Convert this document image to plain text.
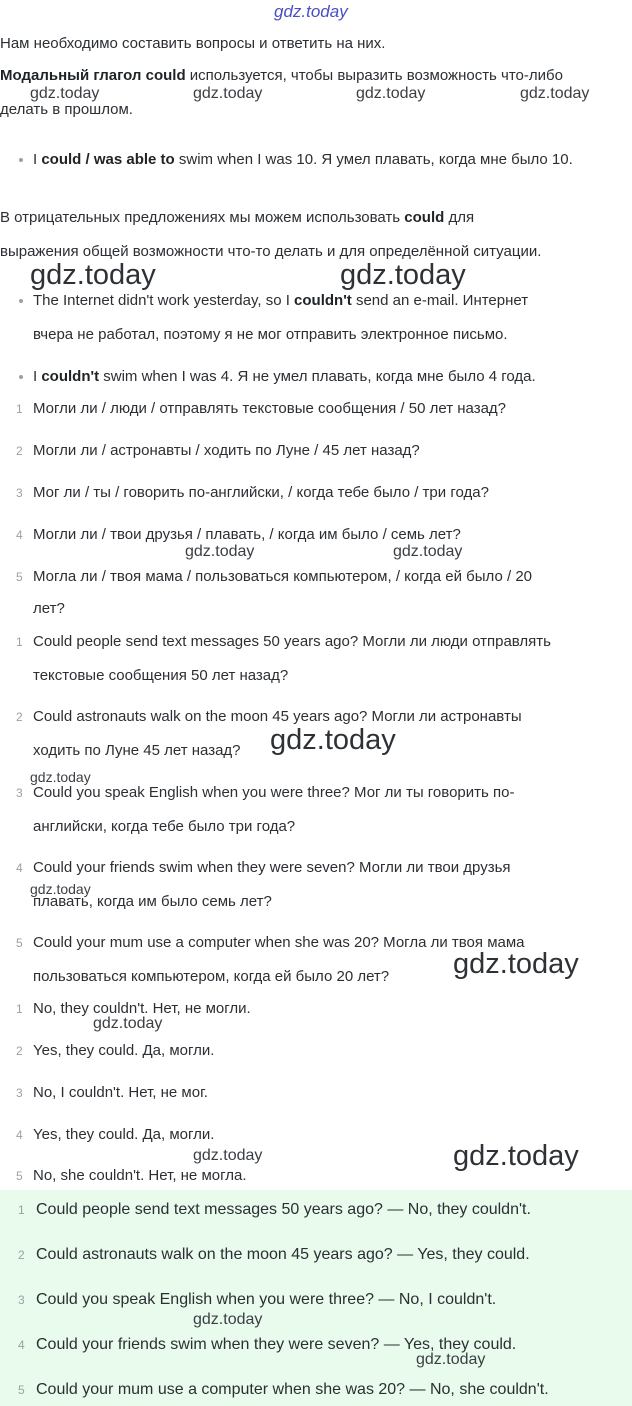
gdz.today
Нам необходимо составить вопросы и ответить на них.
Модальный глагол could используется, чтобы выразить возможность что-либо
делать в прошлом.
I could / was able to swim when I was 10. Я умел плавать, когда мне было 10.
В отрицательных предложениях мы можем использовать could для
выражения общей возможности что-то делать и для определённой ситуации.
The Internet didn't work yesterday, so I couldn't send an e-mail. Интернет
вчера не работал, поэтому я не мог отправить электронное письмо.
I couldn't swim when I was 4. Я не умел плавать, когда мне было 4 года.
1 Могли ли / люди / отправлять текстовые сообщения / 50 лет назад?
2 Могли ли / астронавты / ходить по Луне / 45 лет назад?
3 Мог ли / ты / говорить по-английски, / когда тебе было / три года?
4 Могли ли / твои друзья / плавать, / когда им было / семь лет?
5 Могла ли / твоя мама / пользоваться компьютером, / когда ей было / 20
лет?
1 Could people send text messages 50 years ago? Могли ли люди отправлять
текстовые сообщения 50 лет назад?
2 Could astronauts walk on the moon 45 years ago? Могли ли астронавты
ходить по Луне 45 лет назад?
3 Could you speak English when you were three? Мог ли ты говорить по-
английски, когда тебе было три года?
4 Could your friends swim when they were seven? Могли ли твои друзья
плавать, когда им было семь лет?
5 Could your mum use a computer when she was 20? Могла ли твоя мама
пользоваться компьютером, когда ей было 20 лет?
1 No, they couldn't. Нет, не могли.
2 Yes, they could. Да, могли.
3 No, I couldn't. Нет, не мог.
4 Yes, they could. Да, могли.
5 No, she couldn't. Нет, не могла.
1 Could people send text messages 50 years ago? — No, they couldn't.
2 Could astronauts walk on the moon 45 years ago? — Yes, they could.
3 Could you speak English when you were three? — No, I couldn't.
4 Could your friends swim when they were seven? — Yes, they could.
5 Could your mum use a computer when she was 20? — No, she couldn't.
gdz.today	gdz.today	gdz.today	gdz.today
gdz.today	gdz.today
gdz.today	gdz.today
gdz.today
gdz.today
gdz.today
gdz.today
gdz.today
gdz.today	gdz.today
gdz.today
gdz.today
